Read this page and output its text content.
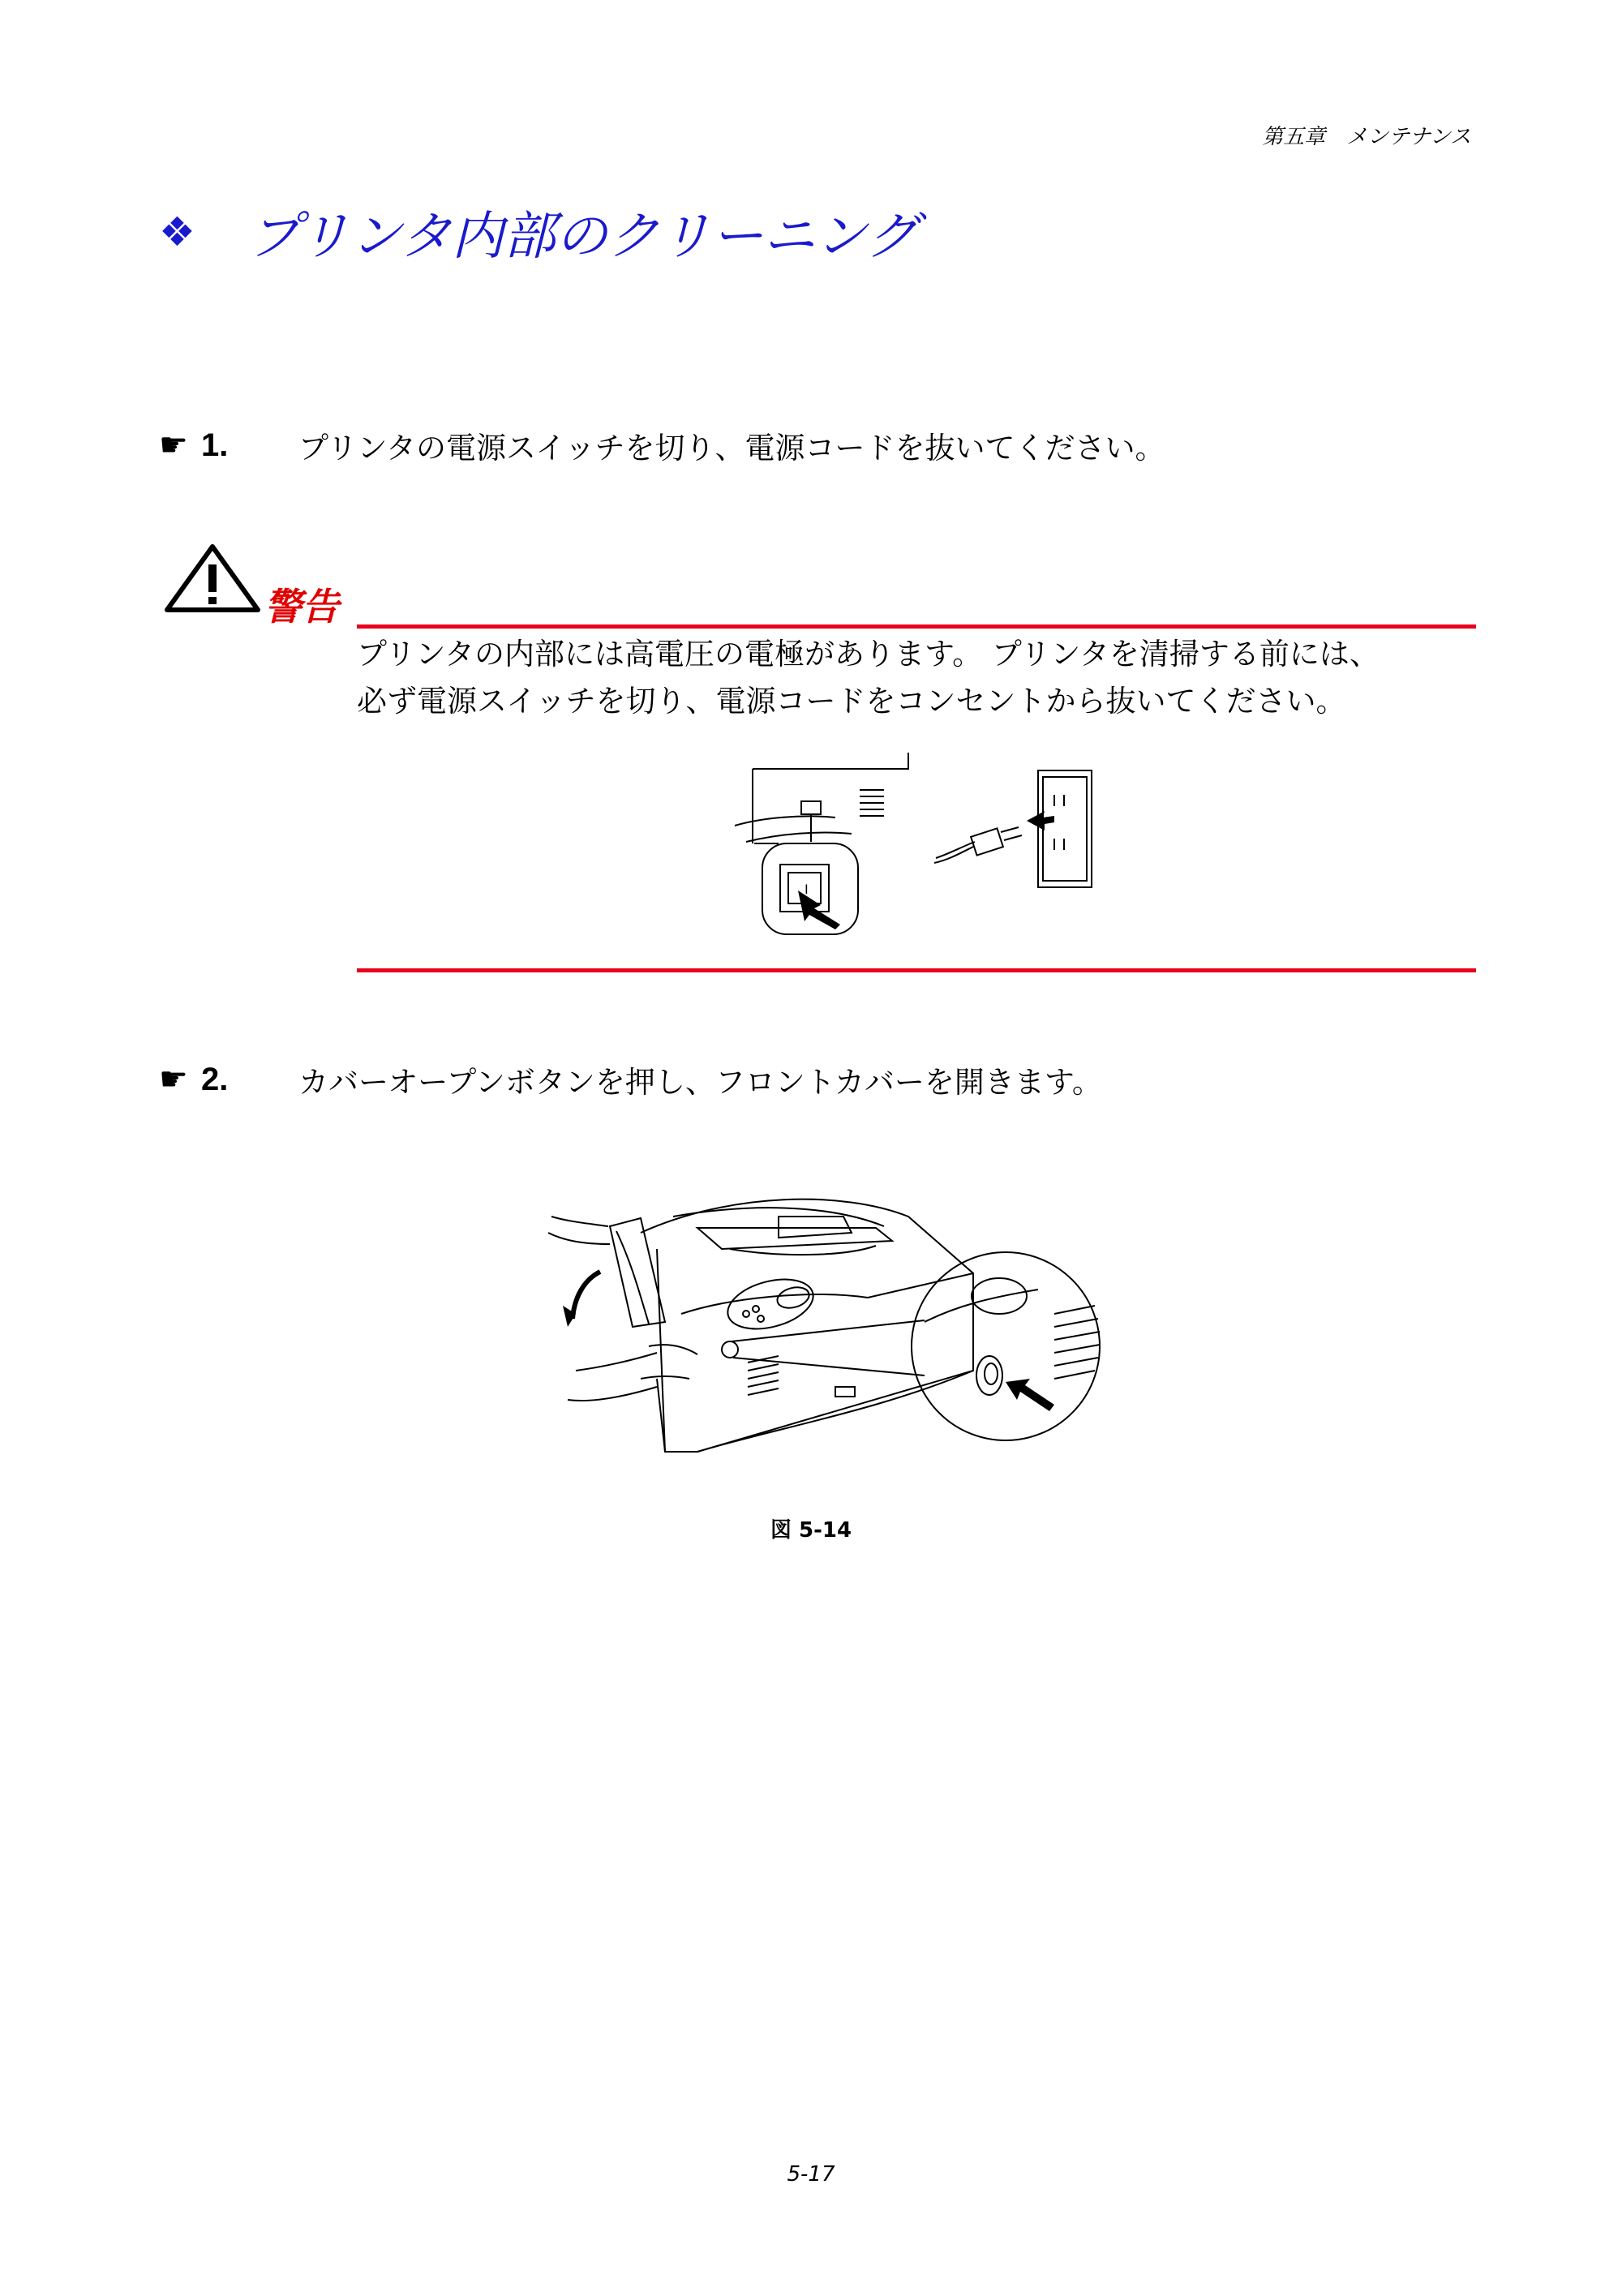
第五章　メンテナンス
❖	プリンタ内部のクリーニング
☛ 1.	プリンタの電源スイッチを切り、電源コードを抜いてください。
警告
プリンタの内部には高電圧の電極があります。 プリンタを清掃する前には、
必ず電源スイッチを切り、電源コードをコンセントから抜いてください。
I
☛ 2.	カバーオープンボタンを押し、フロントカバーを開きます。
図 5-14
5-17
